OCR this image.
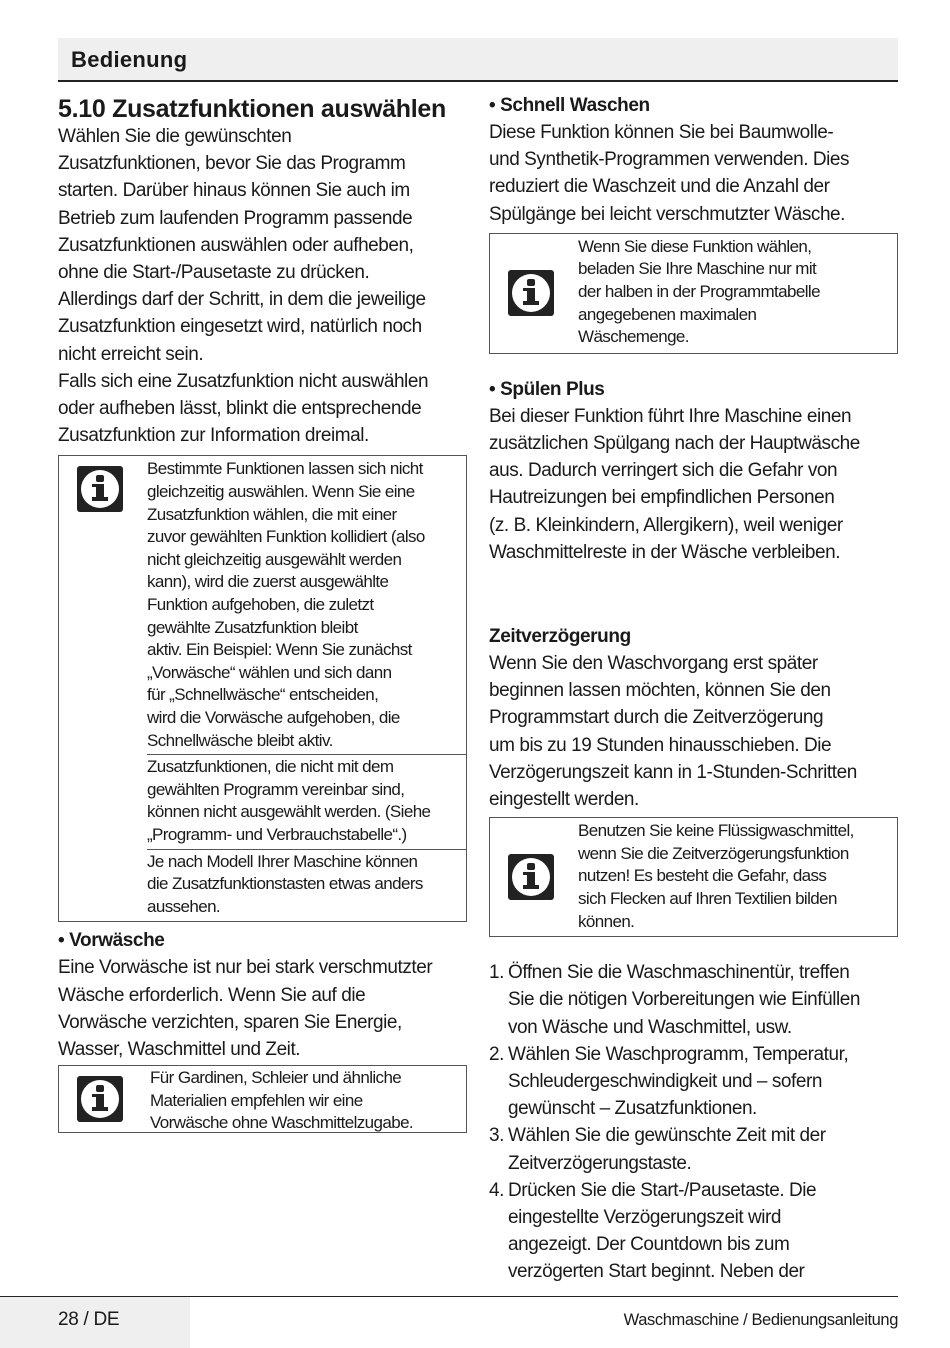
Bedienung
5.10 Zusatzfunktionen auswählen

Wählen Sie die gewünschten

Zusatzfunktionen, bevor Sie das Programm

starten. Darüber hinaus können Sie auch im

Betrieb zum laufenden Programm passende

Zusatzfunktionen auswählen oder aufheben,

ohne die Start-/Pausetaste zu drücken.

Allerdings darf der Schritt, in dem die jeweilige

Zusatzfunktion eingesetzt wird, natürlich noch

nicht erreicht sein.

Falls sich eine Zusatzfunktion nicht auswählen

oder aufheben lässt, blinkt die entsprechende

Zusatzfunktion zur Information dreimal.

Bestimmte Funktionen lassen sich nicht
gleichzeitig auswählen. Wenn Sie eine
Zusatzfunktion wählen, die mit einer
zuvor gewählten Funktion kollidiert (also
nicht gleichzeitig ausgewählt werden
kann), wird die zuerst ausgewählte
Funktion aufgehoben, die zuletzt
gewählte Zusatzfunktion bleibt
aktiv. Ein Beispiel: Wenn Sie zunächst
„Vorwäsche“ wählen und sich dann
für „Schnellwäsche“ entscheiden,
wird die Vorwäsche aufgehoben, die
Schnellwäsche bleibt aktiv.
Zusatzfunktionen, die nicht mit dem
gewählten Programm vereinbar sind,
können nicht ausgewählt werden. (Siehe
„Programm- und Verbrauchstabelle“.)
Je nach Modell Ihrer Maschine können
die Zusatzfunktionstasten etwas anders
aussehen.

• Vorwäsche

Eine Vorwäsche ist nur bei stark verschmutzter

Wäsche erforderlich. Wenn Sie auf die

Vorwäsche verzichten, sparen Sie Energie,

Wasser, Waschmittel und Zeit.

Für Gardinen, Schleier und ähnliche
Materialien empfehlen wir eine
Vorwäsche ohne Waschmittelzugabe.

• Schnell Waschen

Diese Funktion können Sie bei Baumwolle-

und Synthetik-Programmen verwenden. Dies

reduziert die Waschzeit und die Anzahl der

Spülgänge bei leicht verschmutzter Wäsche.

Wenn Sie diese Funktion wählen,
beladen Sie Ihre Maschine nur mit
der halben in der Programmtabelle
angegebenen maximalen
Wäschemenge.

• Spülen Plus

Bei dieser Funktion führt Ihre Maschine einen

zusätzlichen Spülgang nach der Hauptwäsche

aus. Dadurch verringert sich die Gefahr von

Hautreizungen bei empfindlichen Personen

(z. B. Kleinkindern, Allergikern), weil weniger

Waschmittelreste in der Wäsche verbleiben.

Zeitverzögerung

Wenn Sie den Waschvorgang erst später

beginnen lassen möchten, können Sie den

Programmstart durch die Zeitverzögerung

um bis zu 19 Stunden hinausschieben. Die

Verzögerungszeit kann in 1-Stunden-Schritten

eingestellt werden.

Benutzen Sie keine Flüssigwaschmittel,
wenn Sie die Zeitverzögerungsfunktion
nutzen! Es besteht die Gefahr, dass
sich Flecken auf Ihren Textilien bilden
können.
1. Öffnen Sie die Waschmaschinentür, treffen
Sie die nötigen Vorbereitungen wie Einfüllen
von Wäsche und Waschmittel, usw.
2. Wählen Sie Waschprogramm, Temperatur,
Schleudergeschwindigkeit und – sofern
gewünscht – Zusatzfunktionen.
3. Wählen Sie die gewünschte Zeit mit der
Zeitverzögerungstaste.
4. Drücken Sie die Start-/Pausetaste. Die
eingestellte Verzögerungszeit wird
angezeigt. Der Countdown bis zum
verzögerten Start beginnt. Neben der
28 / DE	Waschmaschine / Bedienungsanleitung
